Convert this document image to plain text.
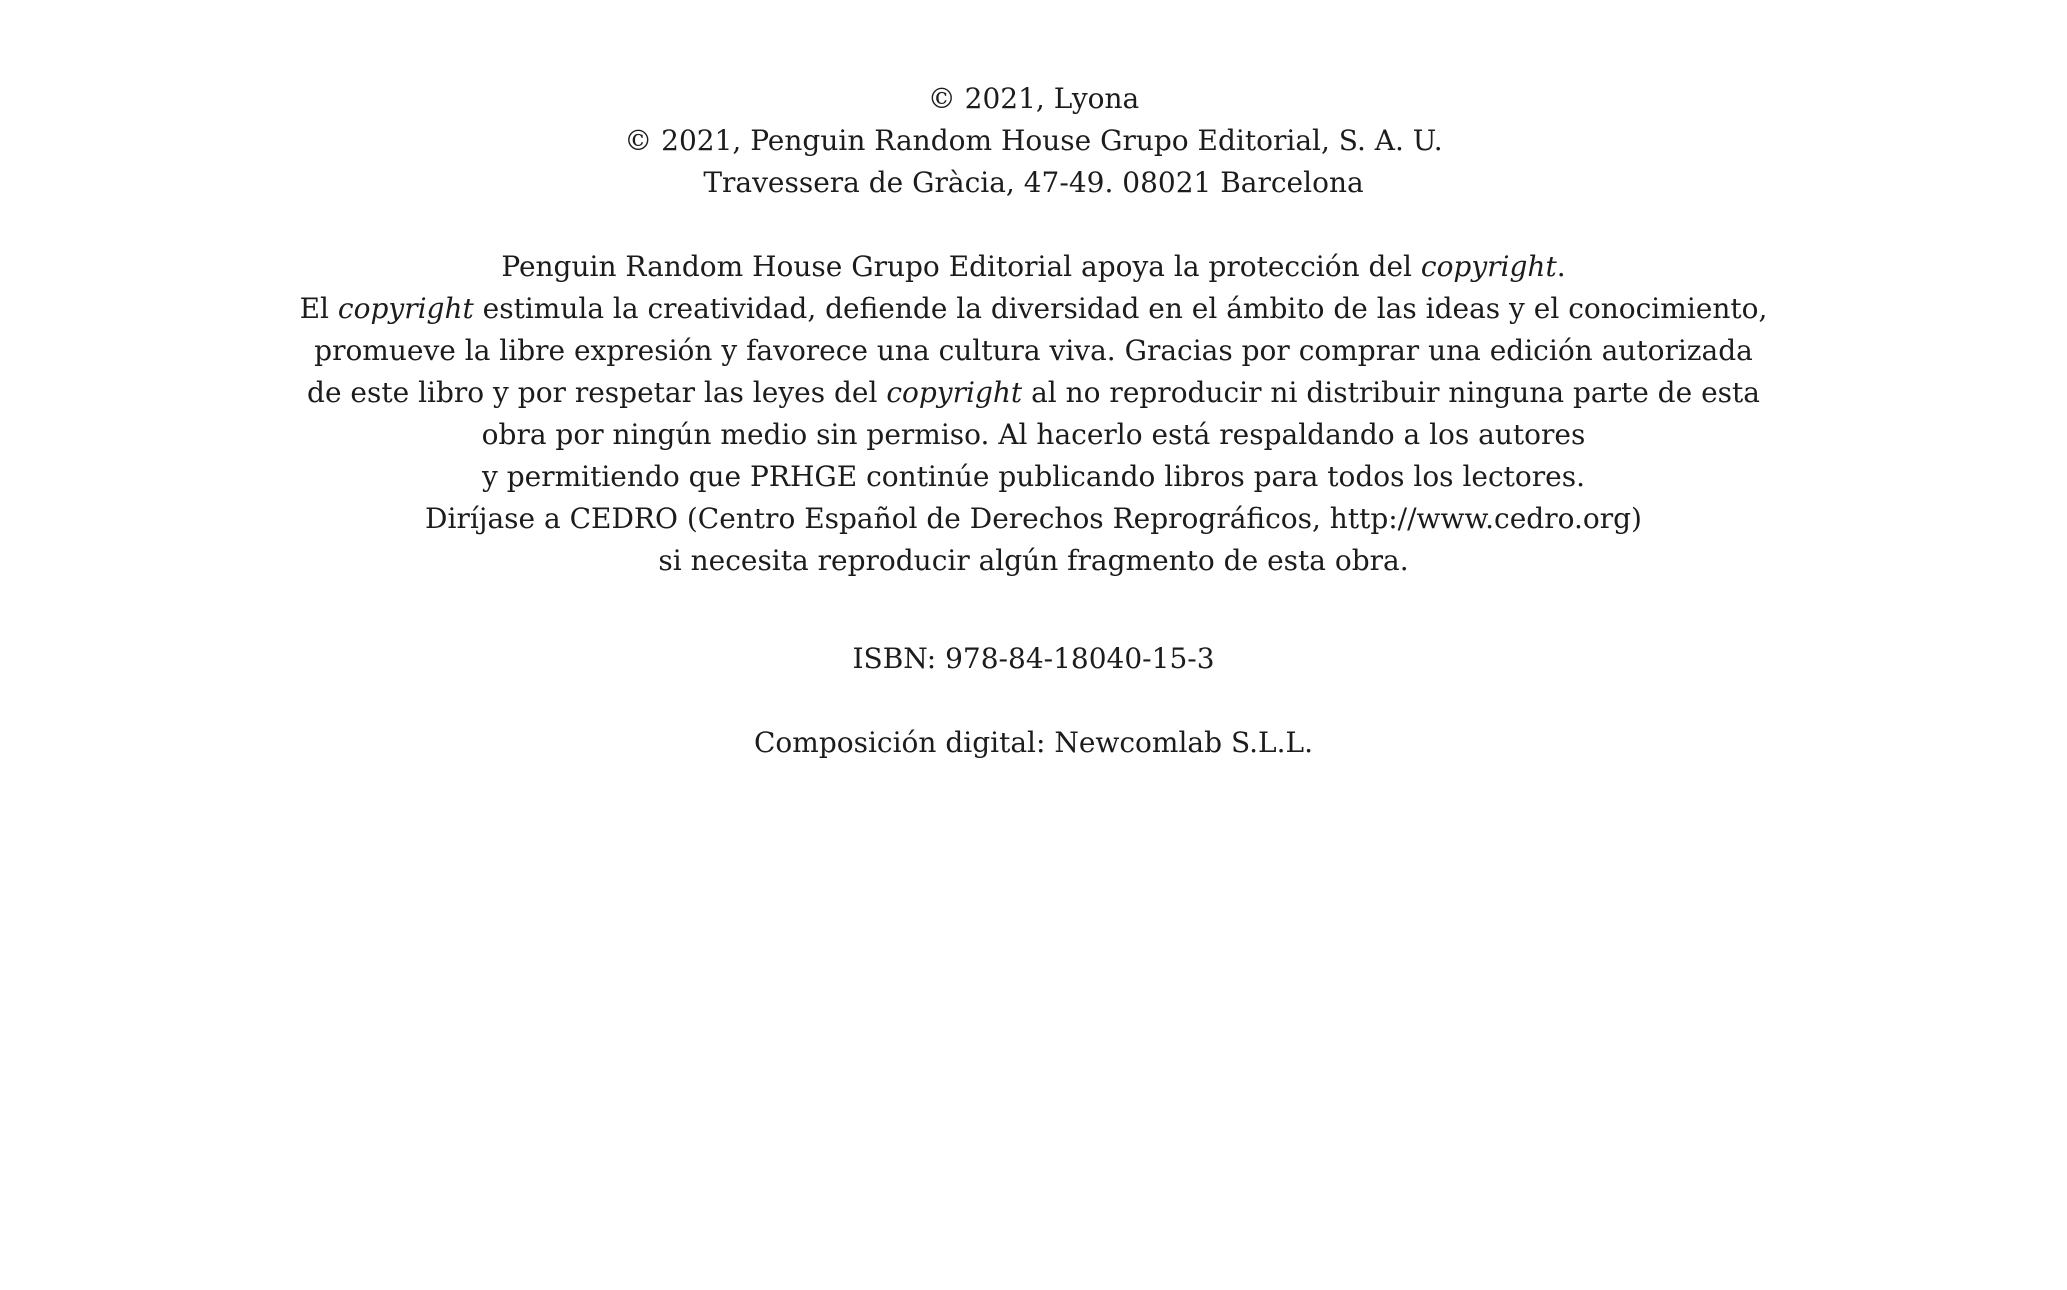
© 2021, Lyona
© 2021, Penguin Random House Grupo Editorial, S. A. U.
Travessera de Gràcia, 47-49. 08021 Barcelona
Penguin Random House Grupo Editorial apoya la protección del copyright.
El copyright estimula la creatividad, defiende la diversidad en el ámbito de las ideas y el conocimiento,
promueve la libre expresión y favorece una cultura viva. Gracias por comprar una edición autorizada
de este libro y por respetar las leyes del copyright al no reproducir ni distribuir ninguna parte de esta
obra por ningún medio sin permiso. Al hacerlo está respaldando a los autores
y permitiendo que PRHGE continúe publicando libros para todos los lectores.
Diríjase a CEDRO (Centro Español de Derechos Reprográficos, http://www.cedro.org)
si necesita reproducir algún fragmento de esta obra.
ISBN: 978-84-18040-15-3
Composición digital: Newcomlab S.L.L.
